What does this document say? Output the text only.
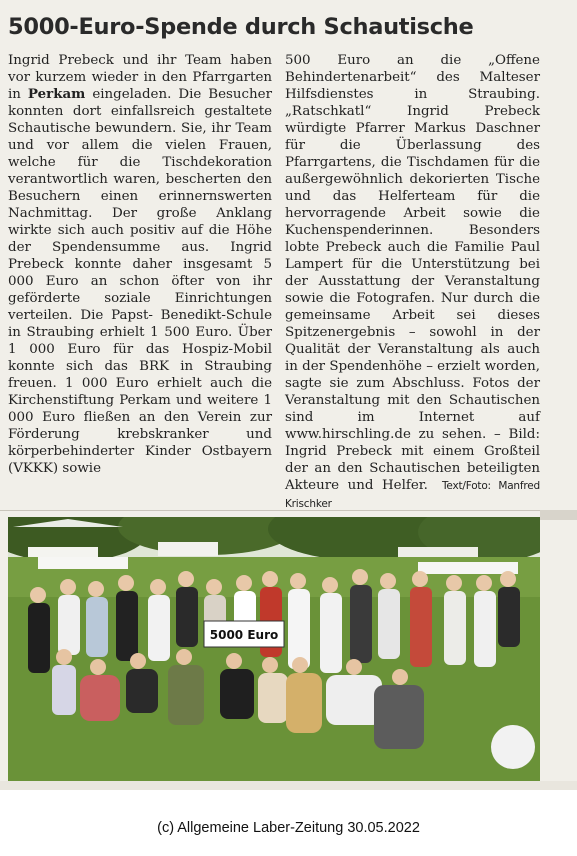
5000-Euro-Spende durch Schautische

Ingrid Prebeck und ihr Team haben vor kurzem wieder in den Pfarrgarten in Perkam eingeladen. Die Besucher konnten dort einfallsreich gestaltete Schautische bewundern. Sie, ihr Team und vor allem die vielen Frauen, welche für die Tischdekoration verantwortlich waren, bescherten den Besuchern einen erinnernswerten Nachmittag. Der große Anklang wirkte sich auch positiv auf die Höhe der Spendensumme aus. Ingrid Prebeck konnte daher insgesamt 5 000 Euro an schon öfter von ihr geförderte soziale Einrichtungen verteilen. Die Papst- Benedikt-Schule in Straubing erhielt 1 500 Euro. Über 1 000 Euro für das Hospiz-Mobil konnte sich das BRK in Straubing freuen. 1 000 Euro erhielt auch die Kirchenstiftung Perkam und weitere 1 000 Euro fließen an den Verein zur Förderung krebskranker und körperbehinderter Kinder Ostbayern (VKKK) sowie

500 Euro an die „Offene Behindertenarbeit“ des Malteser Hilfsdienstes in Straubing. „Ratschkatl“ Ingrid Prebeck würdigte Pfarrer Markus Daschner für die Überlassung des Pfarrgartens, die Tischdamen für die außergewöhnlich dekorierten Tische und das Helferteam für die hervorragende Arbeit sowie die Kuchenspenderinnen. Besonders lobte Prebeck auch die Familie Paul Lampert für die Unterstützung bei der Ausstattung der Veranstaltung sowie die Fotografen. Nur durch die gemeinsame Arbeit sei dieses Spitzenergebnis – sowohl in der Qualität der Veranstaltung als auch in der Spendenhöhe – erzielt worden, sagte sie zum Abschluss. Fotos der Veranstaltung mit den Schautischen sind im Internet auf www.hirschling.de zu sehen. – Bild: Ingrid Prebeck mit einem Großteil der an den Schautischen beteiligten Akteure und Helfer. Text/Foto: Manfred Krischker

5000 Euro
(c) Allgemeine Laber-Zeitung 30.05.2022
